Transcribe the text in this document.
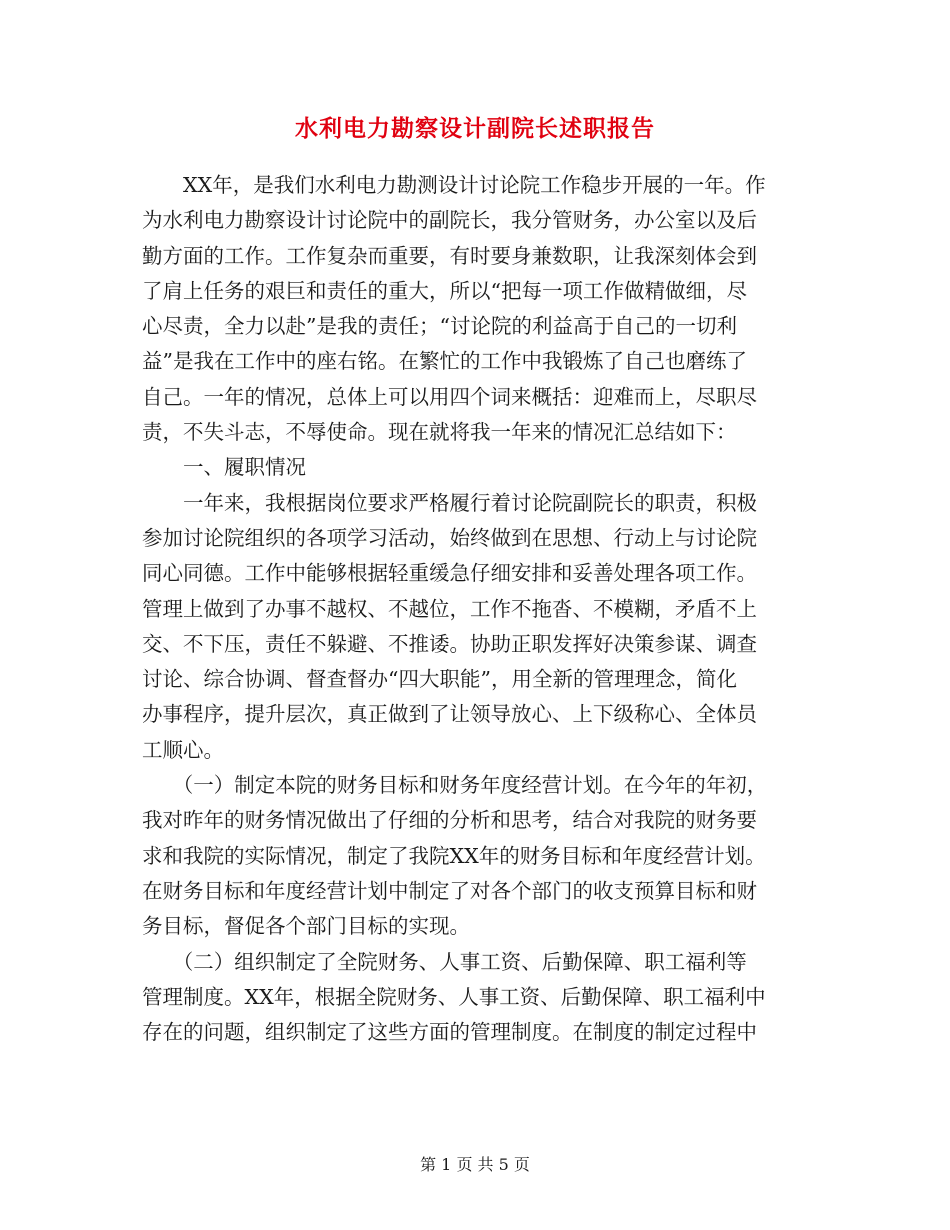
水利电力勘察设计副院长述职报告
　　XX年，是我们水利电力勘测设计讨论院工作稳步开展的一年。作
为水利电力勘察设计讨论院中的副院长，我分管财务，办公室以及后
勤方面的工作。工作复杂而重要，有时要身兼数职，让我深刻体会到
了肩上任务的艰巨和责任的重大，所以“把每一项工作做精做细，尽
心尽责，全力以赴”是我的责任；“讨论院的利益高于自己的一切利
益”是我在工作中的座右铭。在繁忙的工作中我锻炼了自己也磨练了
自己。一年的情况，总体上可以用四个词来概括：迎难而上，尽职尽
责，不失斗志，不辱使命。现在就将我一年来的情况汇总结如下：
　　一、履职情况
　　一年来，我根据岗位要求严格履行着讨论院副院长的职责，积极
参加讨论院组织的各项学习活动，始终做到在思想、行动上与讨论院
同心同德。工作中能够根据轻重缓急仔细安排和妥善处理各项工作。
管理上做到了办事不越权、不越位，工作不拖沓、不模糊，矛盾不上
交、不下压，责任不躲避、不推诿。协助正职发挥好决策参谋、调查
讨论、综合协调、督查督办“四大职能”，用全新的管理理念，简化
办事程序，提升层次，真正做到了让领导放心、上下级称心、全体员
工顺心。
　　（一）制定本院的财务目标和财务年度经营计划。在今年的年初，
我对昨年的财务情况做出了仔细的分析和思考，结合对我院的财务要
求和我院的实际情况，制定了我院XX年的财务目标和年度经营计划。
在财务目标和年度经营计划中制定了对各个部门的收支预算目标和财
务目标，督促各个部门目标的实现。
　　（二）组织制定了全院财务、人事工资、后勤保障、职工福利等
管理制度。XX年，根据全院财务、人事工资、后勤保障、职工福利中
存在的问题，组织制定了这些方面的管理制度。在制度的制定过程中
第 1 页 共 5 页
